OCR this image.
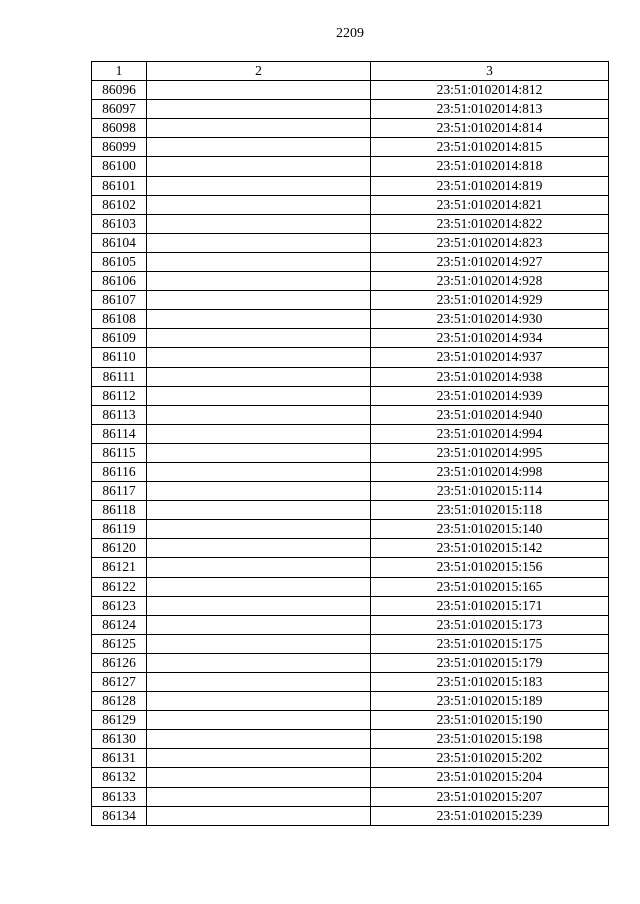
2209
1	2	3
86096		23:51:0102014:812
86097		23:51:0102014:813
86098		23:51:0102014:814
86099		23:51:0102014:815
86100		23:51:0102014:818
86101		23:51:0102014:819
86102		23:51:0102014:821
86103		23:51:0102014:822
86104		23:51:0102014:823
86105		23:51:0102014:927
86106		23:51:0102014:928
86107		23:51:0102014:929
86108		23:51:0102014:930
86109		23:51:0102014:934
86110		23:51:0102014:937
86111		23:51:0102014:938
86112		23:51:0102014:939
86113		23:51:0102014:940
86114		23:51:0102014:994
86115		23:51:0102014:995
86116		23:51:0102014:998
86117		23:51:0102015:114
86118		23:51:0102015:118
86119		23:51:0102015:140
86120		23:51:0102015:142
86121		23:51:0102015:156
86122		23:51:0102015:165
86123		23:51:0102015:171
86124		23:51:0102015:173
86125		23:51:0102015:175
86126		23:51:0102015:179
86127		23:51:0102015:183
86128		23:51:0102015:189
86129		23:51:0102015:190
86130		23:51:0102015:198
86131		23:51:0102015:202
86132		23:51:0102015:204
86133		23:51:0102015:207
86134		23:51:0102015:239
